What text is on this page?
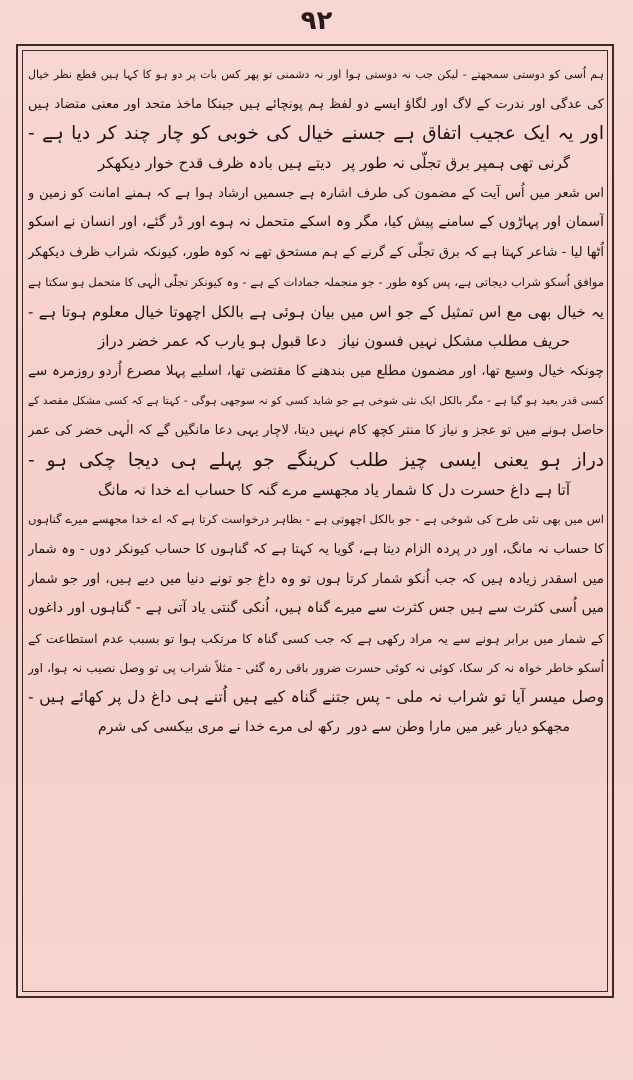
۹۲
ہم اُسی کو دوستی سمجھتے - لیکن جب نہ دوستی ہوا اور نہ دشمنی تو پھر کس بات پر دو ہو کا کہا ہیں قطع نظر خیال
کی عدگی اور ندرت کے لاگ اور لگاؤ ایسے دو لفظ ہم پونچائے ہیں جینکا ماخذ متحد اور معنی متضاد ہیں
اور یہ ایک عجیب اتفاق ہے جسنے خیال کی خوبی کو چار چند کر دیا ہے -
گرنی تھی ہمپر برق تجلّی نہ طور پر
دیتے ہیں بادہ ظرف قدح خوار دیکھکر
اس شعر میں اُس آیت کے مضمون کی طرف اشارہ ہے جسمیں ارشاد ہوا ہے کہ ہمنے امانت کو زمین و
آسمان اور پہاڑوں کے سامنے پیش کیا، مگر وہ اسکے متحمل نہ ہوے اور ڈر گئے، اور انسان نے اسکو
اُٹھا لیا - شاعر کہتا ہے کہ برق تجلّی کے گرنے کے ہم مستحق تھے نہ کوہ طور، کیونکہ شراب ظرف دیکھکر
موافق اُسکو شراب دیجاتی ہے، پس کوہ طور - جو منجملہ جمادات کے ہے - وہ کیونکر تجلّی الٰہی کا متحمل ہو سکتا ہے
یہ خیال بھی مع اس تمثیل کے جو اس میں بیان ہوئی ہے بالکل اچھوتا خیال معلوم ہوتا ہے -
حریف مطلب مشکل نہیں فسون نیاز
دعا قبول ہو یارب کہ عمر خضر دراز
چونکہ خیال وسیع تھا، اور مضمون مطلع میں بندھنے کا مقتضی تھا، اسلیے پہلا مصرع اُردو روزمرہ سے
کسی قدر بعید ہو گیا ہے - مگر بالکل ایک نئی شوخی ہے جو شاید کسی کو نہ سوجھی ہوگی - کہتا ہے کہ کسی مشکل مقصد کے
حاصل ہونے میں تو عجز و نیاز کا منتر کچھ کام نہیں دیتا، لاچار یہی دعا مانگیں گے کہ الٰہی خضر کی عمر
دراز ہو یعنی ایسی چیز طلب کرینگے جو پہلے ہی دیجا چکی ہو -
آتا ہے داغ حسرت دل کا شمار یاد
مجھسے مرے گنہ کا حساب اے خدا نہ مانگ
اس میں بھی نئی طرح کی شوخی ہے - جو بالکل اچھوتی ہے - بظاہر درخواست کرتا ہے کہ اے خدا مجھسے میرے گناہوں
کا حساب نہ مانگ، اور در پردہ الزام دیتا ہے، گویا یہ کہتا ہے کہ گناہوں کا حساب کیونکر دوں - وہ شمار
میں اسقدر زیادہ ہیں کہ جب اُنکو شمار کرتا ہوں تو وہ داغ جو تونے دنیا میں دیے ہیں، اور جو شمار
میں اُسی کثرت سے ہیں جس کثرت سے میرے گناہ ہیں، اُنکی گنتی یاد آتی ہے - گناہوں اور داغوں
کے شمار میں برابر ہونے سے یہ مراد رکھی ہے کہ جب کسی گناہ کا مرتکب ہوا تو بسبب عدم استطاعت کے
اُسکو خاطر خواہ نہ کر سکا، کوئی نہ کوئی حسرت ضرور باقی رہ گئی - مثلاً شراب پی تو وصل نصیب نہ ہوا، اور
وصل میسر آیا تو شراب نہ ملی - پس جتنے گناہ کیے ہیں اُتنے ہی داغ دل پر کھائے ہیں -
مجھکو دیار غیر میں مارا وطن سے دور
رکھ لی مرے خدا نے مری بیکسی کی شرم
